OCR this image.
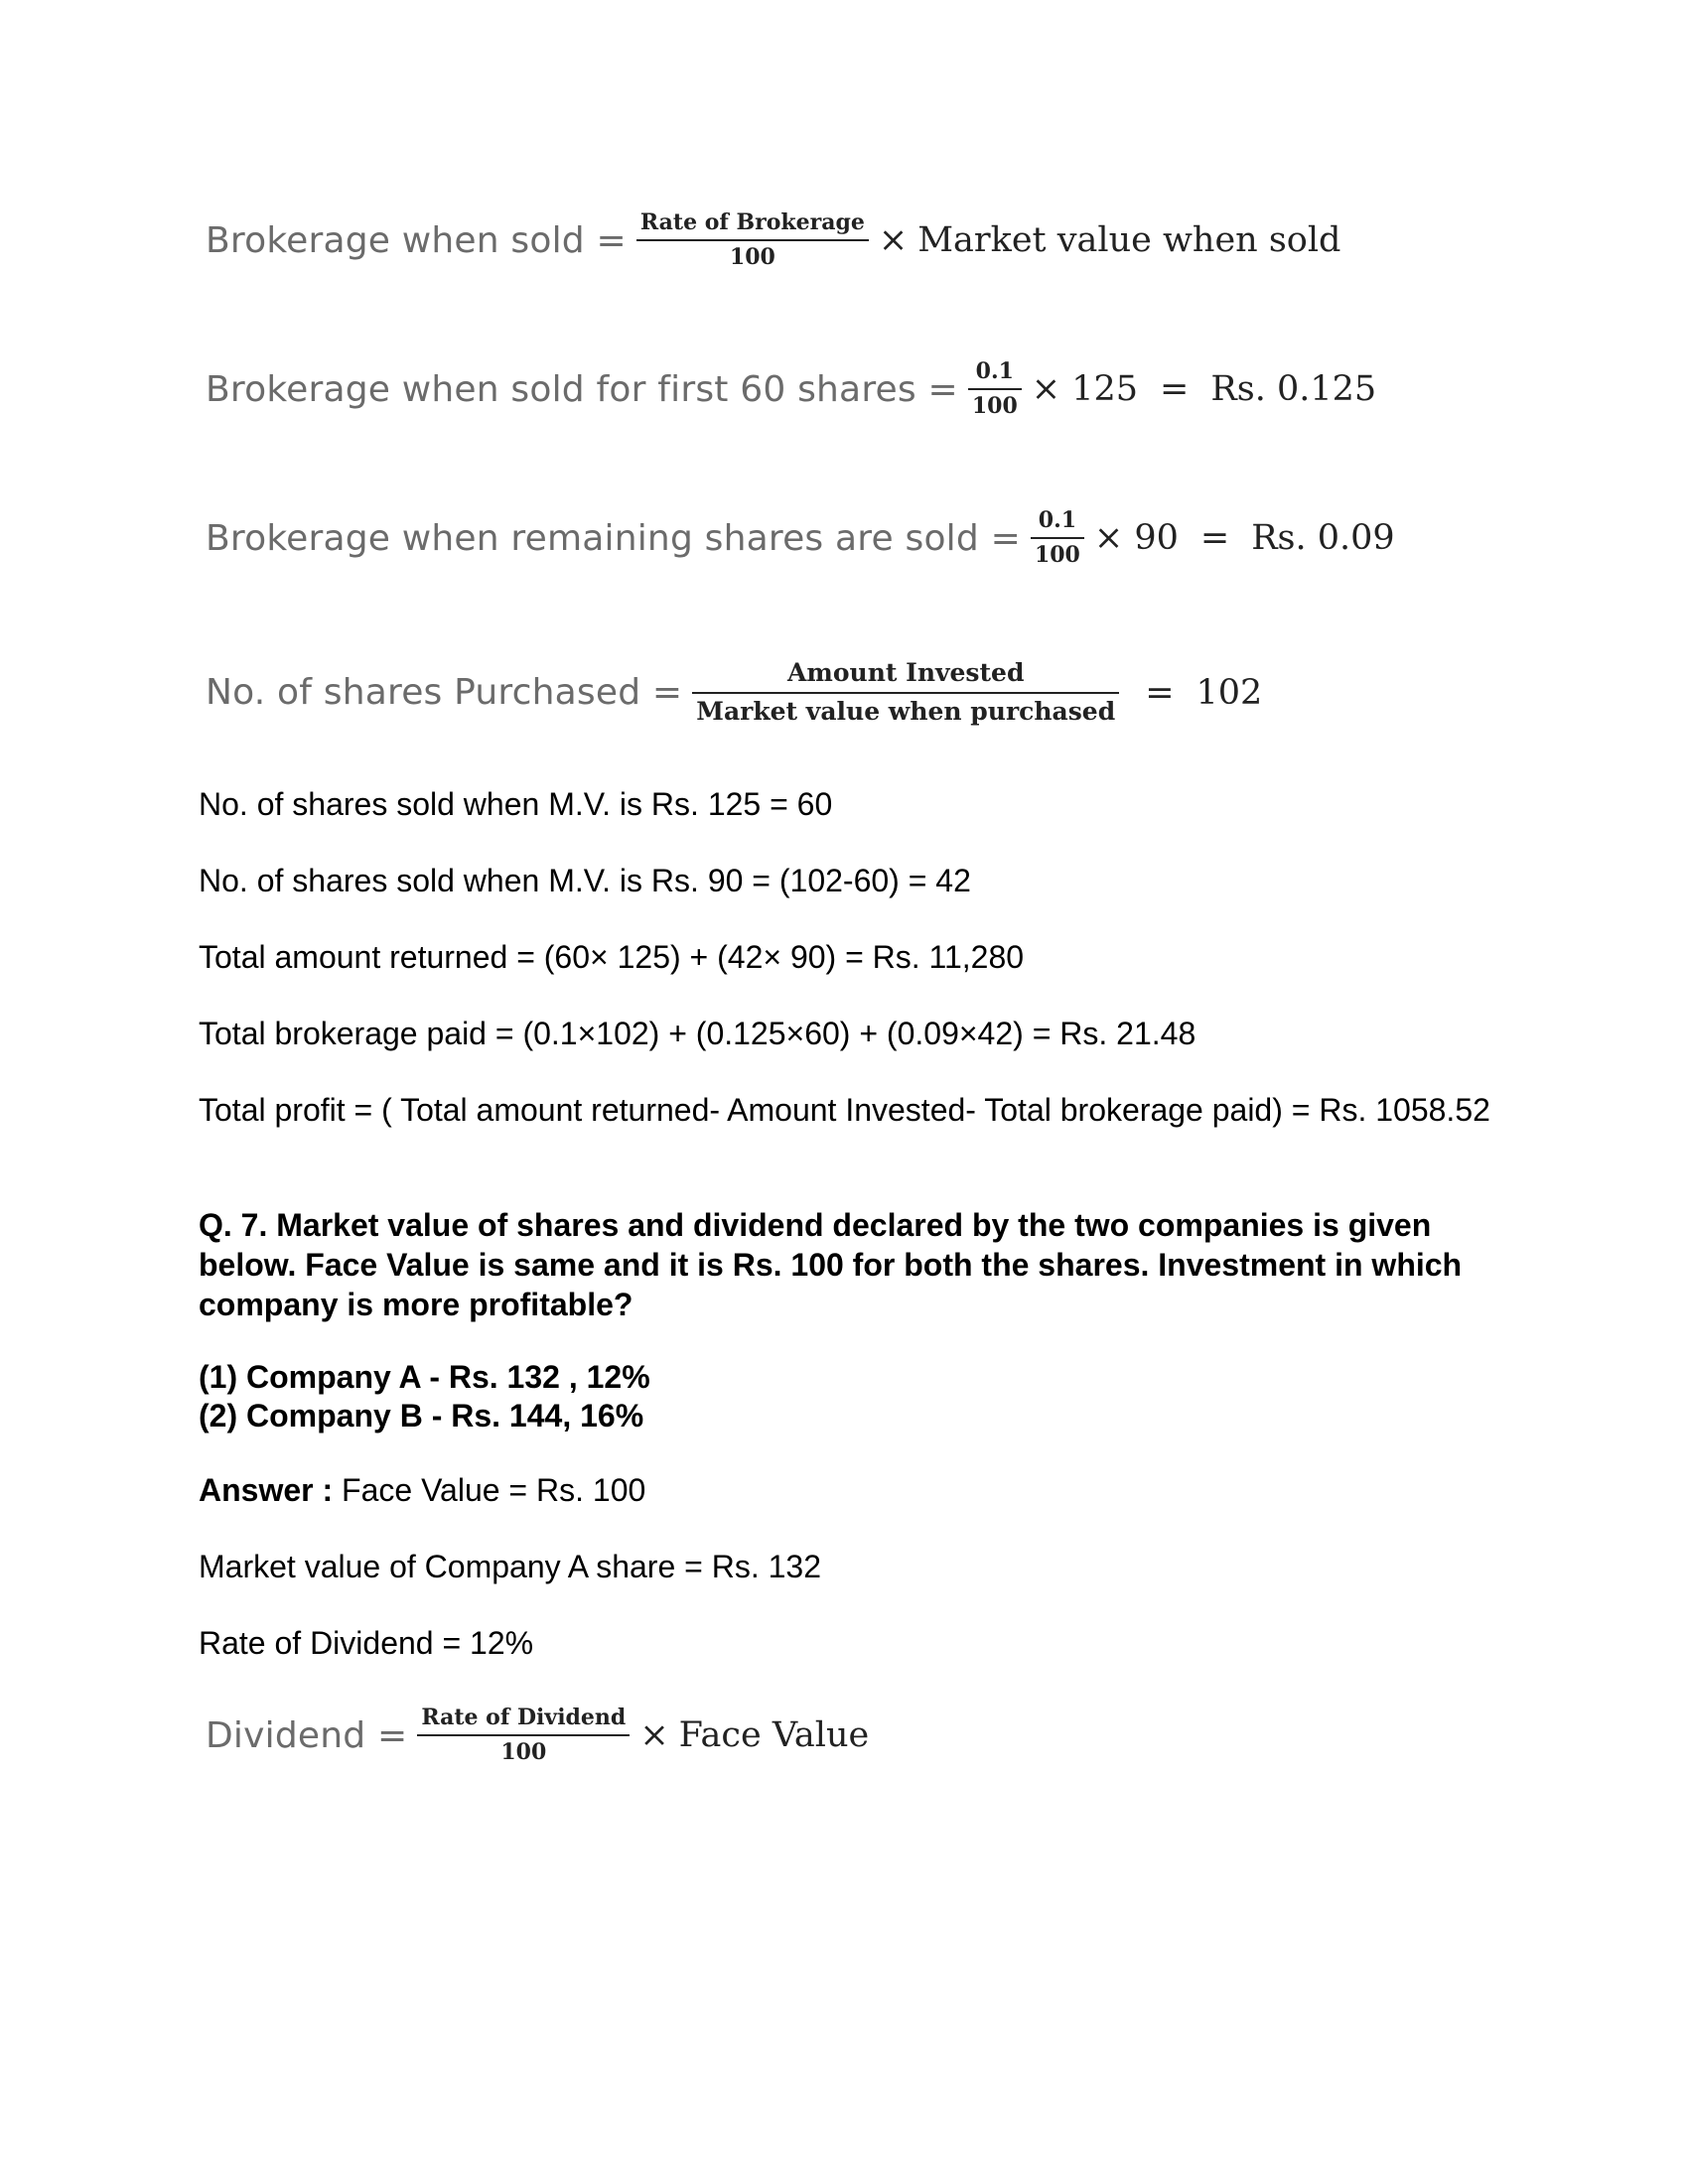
Brokerage when sold = $\frac{\text{Rate of Brokerage}}{100}$ × Market value when sold
Brokerage when sold for first 60 shares = $\frac{0.1}{100} \times 125 = Rs$. 0.125
Brokerage when remaining shares are sold = $\frac{0.1}{100} \times 90 = Rs$. 0.09
No. of shares Purchased = $\frac{\text{Amount Invested}}{\text{Market value when purchased}} = 102$
No. of shares sold when M.V. is Rs. 125 = 60
No. of shares sold when M.V. is Rs. 90 = (102-60) = 42
Total amount returned = (60× 125) + (42× 90) = Rs. 11,280
Total brokerage paid = (0.1×102) + (0.125×60) + (0.09×42) = Rs. 21.48
Total profit = ( Total amount returned- Amount Invested- Total brokerage paid) = Rs. 1058.52
Q. 7. Market value of shares and dividend declared by the two companies is given below. Face Value is same and it is Rs. 100 for both the shares. Investment in which company is more profitable?
(1) Company A - Rs. 132 , 12%
(2) Company B - Rs. 144, 16%
Answer : Face Value = Rs. 100
Market value of Company A share = Rs. 132
Rate of Dividend = 12%
Dividend = $\frac{\text{Rate of Dividend}}{100}$ × Face Value
